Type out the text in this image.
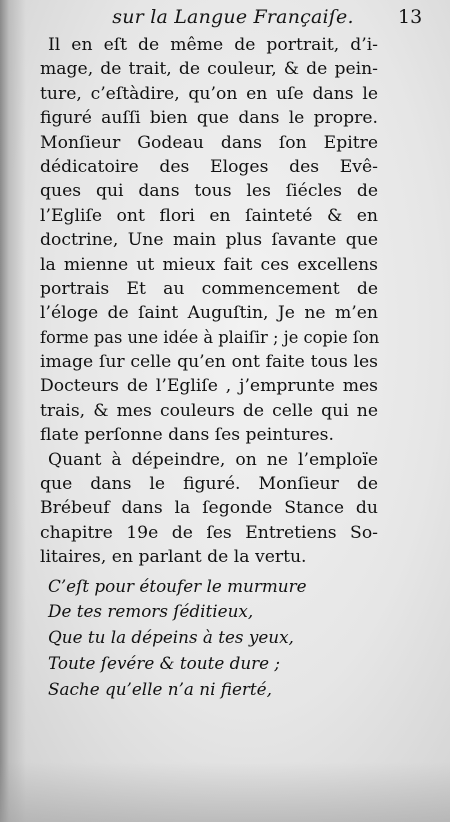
sur la Langue Françaiſe.	13
Il en eſt de même de portrait, d’i-
mage, de trait, de couleur, & de pein-
ture, c’eſtàdire, qu’on en uſe dans le
figuré auſſi bien que dans le propre.
Monſieur Godeau dans ſon Epitre
dédicatoire des Eloges des Evê-
ques qui dans tous les ſiécles de
l’Egliſe ont flori en ſainteté & en
doctrine, Une main plus ſavante que
la mienne ut mieux fait ces excellens
portrais Et au commencement de
l’éloge de ſaint Auguſtin, Je ne m’en
forme pas une idée à plaiſir ; je copie ſon
image ſur celle qu’en ont faite tous les
Docteurs de l’Egliſe , j’emprunte mes
trais, & mes couleurs de celle qui ne
flate perſonne dans ſes peintures.
Quant à dépeindre, on ne l’emploïe
que dans le figuré. Monſieur de
Brébeuf dans la ſegonde Stance du
chapitre 19e de ſes Entretiens So-
litaires, en parlant de la vertu.
C’eſt pour étoufer le murmure
De tes remors ſéditieux,
Que tu la dépeins à tes yeux,
Toute ſevére & toute dure ;
Sache qu’elle n’a ni fierté,
